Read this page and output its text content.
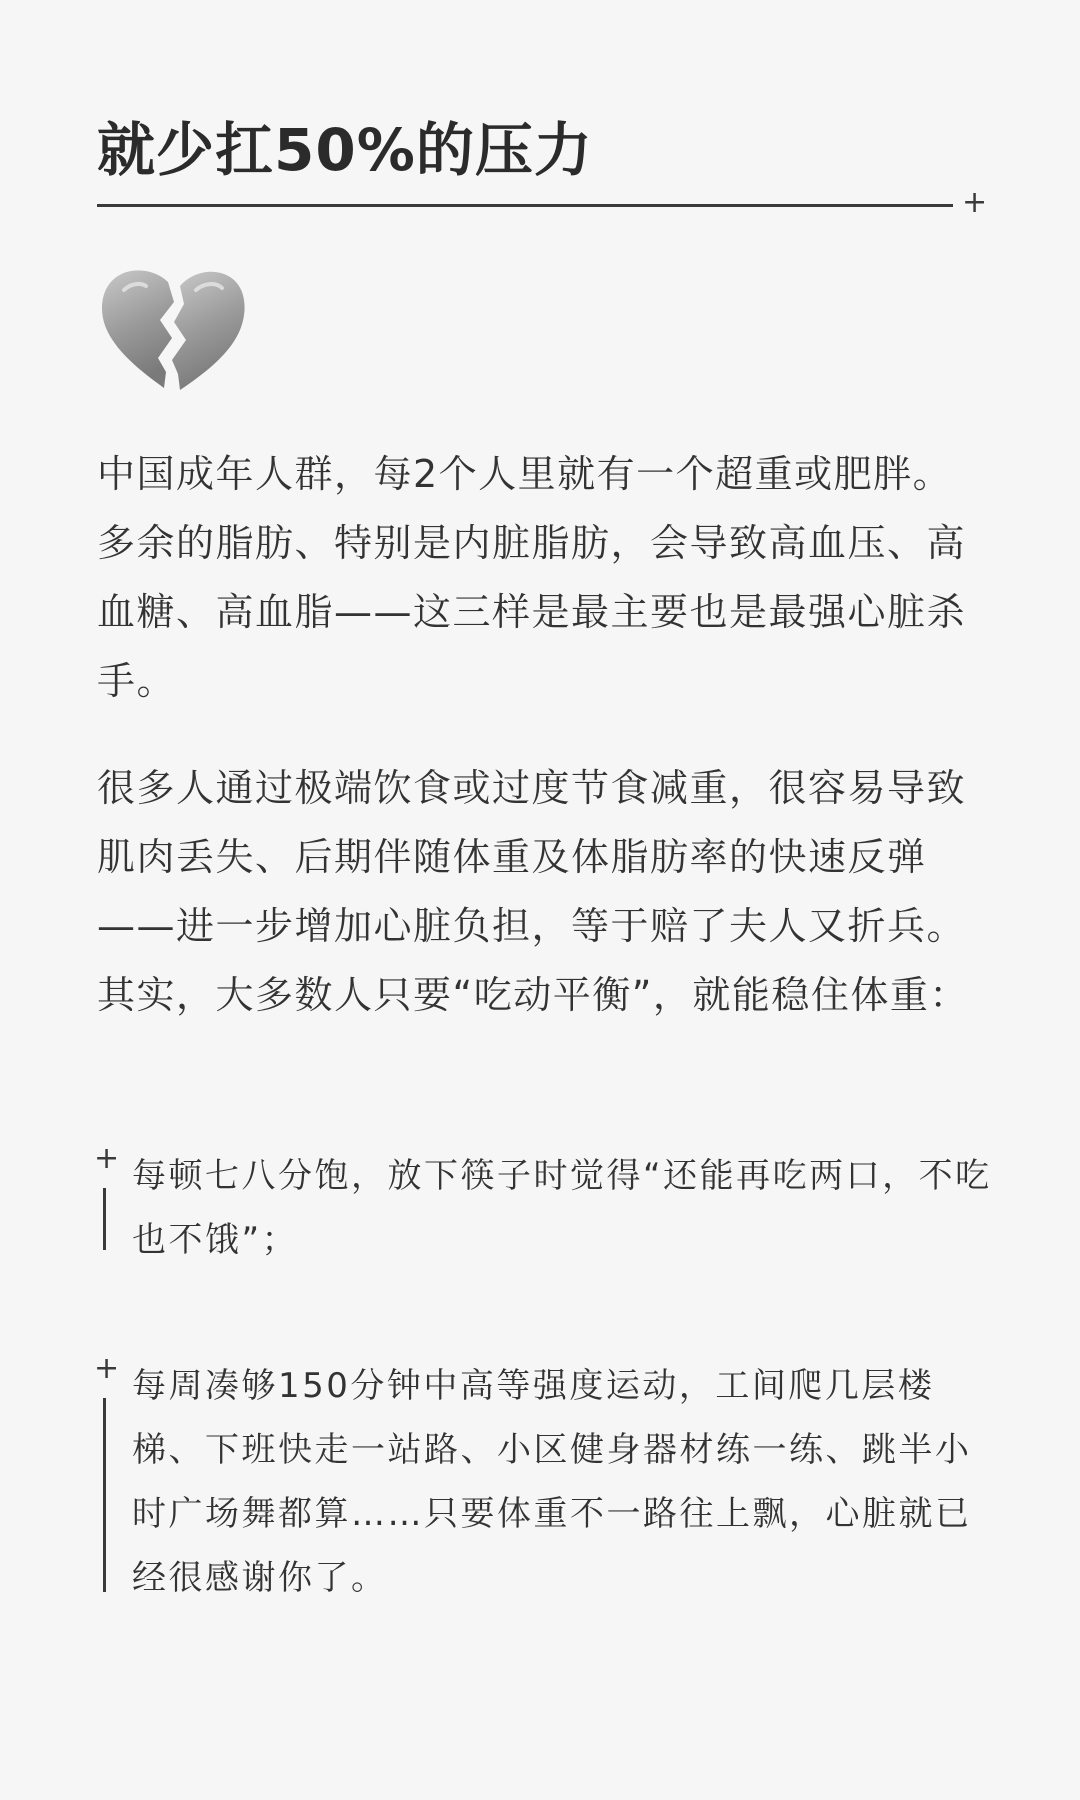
就少扛50%的压力
+

中国成年人群，每2个人里就有一个超重或肥胖。多余的脂肪、特别是内脏脂肪，会导致高血压、高血糖、高血脂——这三样是最主要也是最强心脏杀手。

很多人通过极端饮食或过度节食减重，很容易导致肌肉丢失、后期伴随体重及体脂肪率的快速反弹——进一步增加心脏负担，等于赔了夫人又折兵。其实，大多数人只要“吃动平衡”，就能稳住体重：

+ 每顿七八分饱，放下筷子时觉得“还能再吃两口，不吃也不饿”；

+ 每周凑够150分钟中高等强度运动，工间爬几层楼梯、下班快走一站路、小区健身器材练一练、跳半小时广场舞都算……只要体重不一路往上飘，心脏就已经很感谢你了。
